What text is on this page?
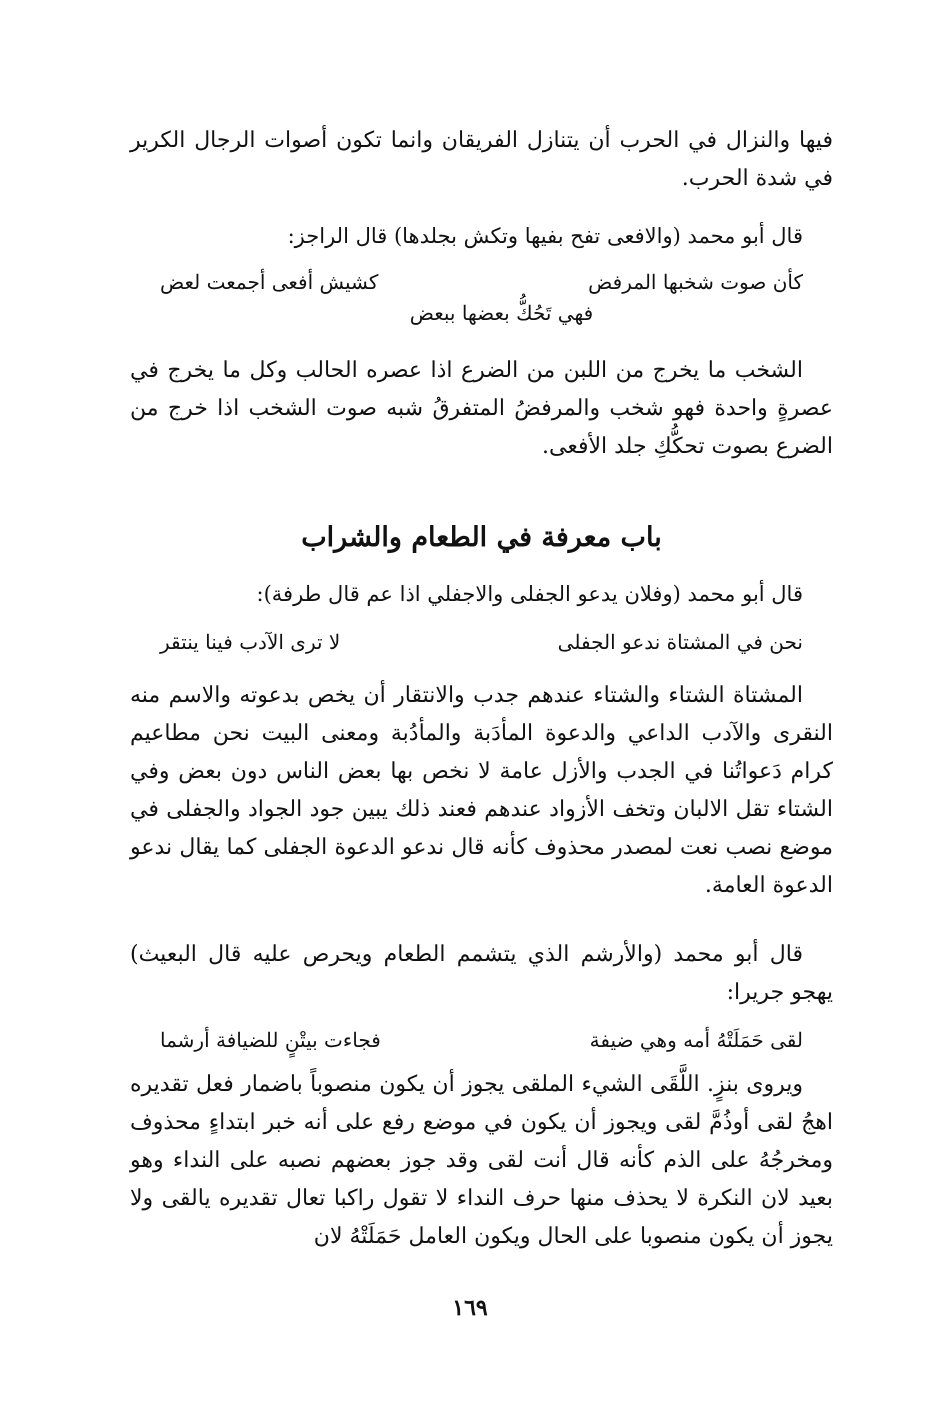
فيها والنزال في الحرب أن يتنازل الفريقان وانما تكون أصوات الرجال الكرير في شدة الحرب.

قال أبو محمد (والافعى تفح بفيها وتكش بجلدها) قال الراجز:

كأن صوت شخبها المرفض
كشيش أفعى أجمعت لعض
فهي تَحُكُّ بعضها ببعض

الشخب ما يخرج من اللبن من الضرع اذا عصره الحالب وكل ما يخرج في عصرةٍ واحدة فهو شخب والمرفضُ المتفرقُ شبه صوت الشخب اذا خرج من الضرع بصوت تحكُّكِ جلد الأفعى.

باب معرفة في الطعام والشراب

قال أبو محمد (وفلان يدعو الجفلى والاجفلي اذا عم قال طرفة):

نحن في المشتاة ندعو الجفلى
لا ترى الآدب فينا ينتقر

المشتاة الشتاء والشتاء عندهم جدب والانتقار أن يخص بدعوته والاسم منه النقرى والآدب الداعي والدعوة المأدَبة والمأدُبة ومعنى البيت نحن مطاعيم كرام دَعواتُنا في الجدب والأزل عامة لا نخص بها بعض الناس دون بعض وفي الشتاء تقل الالبان وتخف الأزواد عندهم فعند ذلك يبين جود الجواد والجفلى في موضع نصب نعت لمصدر محذوف كأنه قال ندعو الدعوة الجفلى كما يقال ندعو الدعوة العامة.

قال أبو محمد (والأرشم الذي يتشمم الطعام ويحرص عليه قال البعيث) يهجو جريرا:

لقى حَمَلَتْهُ أمه وهي ضيفة
فجاءت بيتْنٍ للضيافة أرشما

ويروى بنزٍ. اللَّقَى الشيء الملقى يجوز أن يكون منصوباً باضمار فعل تقديره اهجُ لقى أوذُمَّ لقى ويجوز أن يكون في موضع رفع على أنه خبر ابتداءٍ محذوف ومخرجُهُ على الذم كأنه قال أنت لقى وقد جوز بعضهم نصبه على النداء وهو بعيد لان النكرة لا يحذف منها حرف النداء لا تقول راكبا تعال تقديره يالقى ولا يجوز أن يكون منصوبا على الحال ويكون العامل حَمَلَتْهُ لان

١٦٩
